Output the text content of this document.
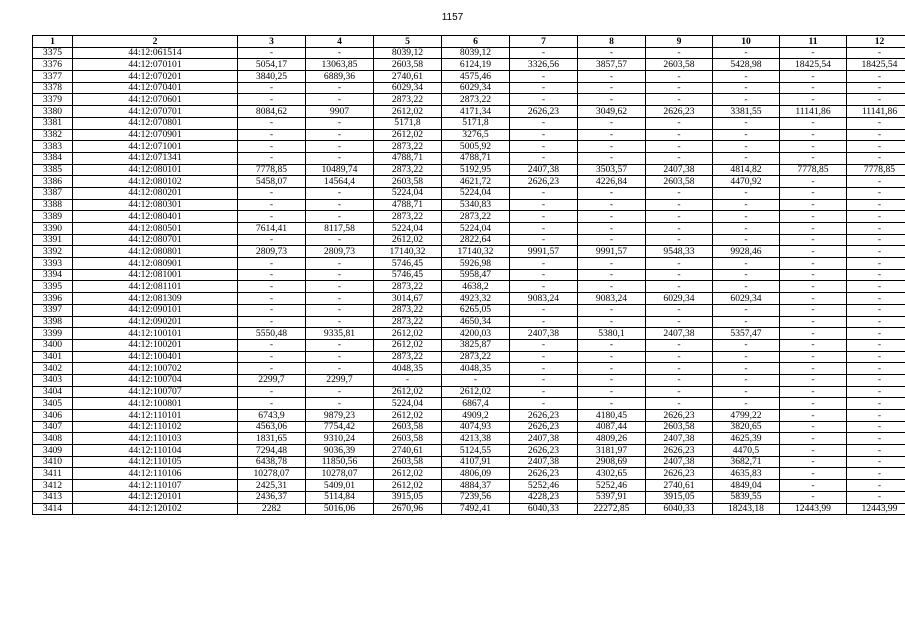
1157
1	2	3	4	5	6	7	8	9	10	11	12
3375	44:12:061514	-	-	8039,12	8039,12	-	-	-	-	-	-
3376	44:12:070101	5054,17	13063,85	2603,58	6124,19	3326,56	3857,57	2603,58	5428,98	18425,54	18425,54
3377	44:12:070201	3840,25	6889,36	2740,61	4575,46	-	-	-	-	-	-
3378	44:12:070401	-	-	6029,34	6029,34	-	-	-	-	-	-
3379	44:12:070601	-	-	2873,22	2873,22	-	-	-	-	-	-
3380	44:12:070701	8084,62	9907	2612,02	4171,34	2626,23	3049,62	2626,23	3381,55	11141,86	11141,86
3381	44:12:070801	-	-	5171,8	5171,8	-	-	-	-	-	-
3382	44:12:070901	-	-	2612,02	3276,5	-	-	-	-	-	-
3383	44:12:071001	-	-	2873,22	5005,92	-	-	-	-	-	-
3384	44:12:071341	-	-	4788,71	4788,71	-	-	-	-	-	-
3385	44:12:080101	7778,85	10489,74	2873,22	5192,95	2407,38	3503,57	2407,38	4814,82	7778,85	7778,85
3386	44:12:080102	5458,07	14564,4	2603,58	4621,72	2626,23	4226,84	2603,58	4470,92	-	-
3387	44:12:080201	-	-	5224,04	5224,04	-	-	-	-	-	-
3388	44:12:080301	-	-	4788,71	5340,83	-	-	-	-	-	-
3389	44:12:080401	-	-	2873,22	2873,22	-	-	-	-	-	-
3390	44:12:080501	7614,41	8117,58	5224,04	5224,04	-	-	-	-	-	-
3391	44:12:080701	-	-	2612,02	2822,64	-	-	-	-	-	-
3392	44:12:080801	2809,73	2809,73	17140,32	17140,32	9991,57	9991,57	9548,33	9928,46	-	-
3393	44:12:080901	-	-	5746,45	5926,98	-	-	-	-	-	-
3394	44:12:081001	-	-	5746,45	5958,47	-	-	-	-	-	-
3395	44:12:081101	-	-	2873,22	4638,2	-	-	-	-	-	-
3396	44:12:081309	-	-	3014,67	4923,32	9083,24	9083,24	6029,34	6029,34	-	-
3397	44:12:090101	-	-	2873,22	6265,05	-	-	-	-	-	-
3398	44:12:090201	-	-	2873,22	4650,34	-	-	-	-	-	-
3399	44:12:100101	5550,48	9335,81	2612,02	4200,03	2407,38	5380,1	2407,38	5357,47	-	-
3400	44:12:100201	-	-	2612,02	3825,87	-	-	-	-	-	-
3401	44:12:100401	-	-	2873,22	2873,22	-	-	-	-	-	-
3402	44:12:100702	-	-	4048,35	4048,35	-	-	-	-	-	-
3403	44:12:100704	2299,7	2299,7	-	-	-	-	-	-	-	-
3404	44:12:100707	-	-	2612,02	2612,02	-	-	-	-	-	-
3405	44:12:100801	-	-	5224,04	6867,4	-	-	-	-	-	-
3406	44:12:110101	6743,9	9879,23	2612,02	4909,2	2626,23	4180,45	2626,23	4799,22	-	-
3407	44:12:110102	4563,06	7754,42	2603,58	4074,93	2626,23	4087,44	2603,58	3820,65	-	-
3408	44:12:110103	1831,65	9310,24	2603,58	4213,38	2407,38	4809,26	2407,38	4625,39	-	-
3409	44:12:110104	7294,48	9036,39	2740,61	5124,55	2626,23	3181,97	2626,23	4470,5	-	-
3410	44:12:110105	6438,78	11850,56	2603,58	4107,91	2407,38	2908,69	2407,38	3682,71	-	-
3411	44:12:110106	10278,07	10278,07	2612,02	4806,09	2626,23	4302,65	2626,23	4635,83	-	-
3412	44:12:110107	2425,31	5409,01	2612,02	4884,37	5252,46	5252,46	2740,61	4849,04	-	-
3413	44:12:120101	2436,37	5114,84	3915,05	7239,56	4228,23	5397,91	3915,05	5839,55	-	-
3414	44:12:120102	2282	5016,06	2670,96	7492,41	6040,33	22272,85	6040,33	18243,18	12443,99	12443,99
